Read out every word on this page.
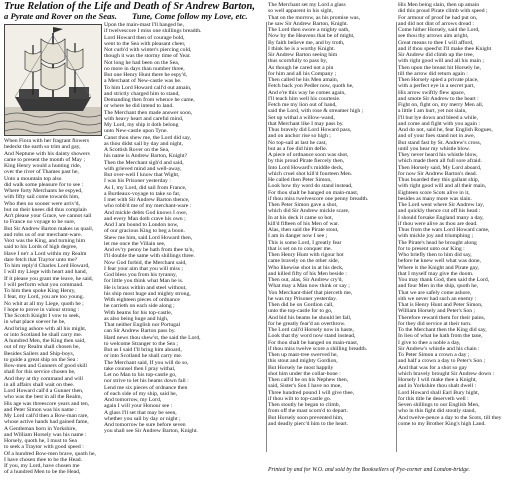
True Relation of the Life and Death of Sr Andrew Barton,
a Pyrate and Rover on the Seas. Tune, Come follow my Love, etc.
When Flora with her fragrant flowers
bedeckt the earth so trim and gay,
And Neptune with his dainty showers
came to present the month of May ;
King Henry would a hunting ride,
over the river of Thames past he,
Unto a mountain top also
did walk some pleasure for to see :
Where forty Merchants he espyed,
with fifty sail come towards him,
Who then no sooner were arriv'd,
but on their knees did thus complain
An't please your Grace, we cannot sail
to France no voyage to be sure,
But Sir Andrew Barton makes us quail,
and robs us of our merchant-ware.
Vext was the King, and turning him
said to his Lords of high degree,
Have I ne'r a Lord within my Realm
dare fetch that Traytor unto me?
To him reply'd Charles Lord Howard,
I will my Liege with heart and hand,
If it please you grant me leave, he said,
I will perform what you command.
To him then spoke King Henry,
I fear, my Lord, you are too young.
No whit at all my Liege, quoth he ;
I hope to prove in valour strong :
The Scotch Knight I vow to seek,
in what place soever he be,
And bring ashore with all his might,
or into Scotland he shall carry me.
A hundred Men, the King then said,
out of my Realm shall chosen be,
Besides Sailers and Ship-boys,
to guide a great ship on the Sea :
Bow-men and Gunners of good skill
shall for this service chosen be,
And they at thy command and will
in all affairs shall wait on thee.
Lord Howard call'd a Gunner then,
who was the best in all the Realm,
His age was threescore years and ten,
and Peter Simon was his name :
My Lord call'd then a Bow-man rare,
whose active hands had gained fame,
A Gentleman born in Yorkshire,
and William Horsely was his name :
Horsely, quoth he, I must to Sea
to seek a Traytor with good speed :
Of a hundred Bow-men brave, quoth he,
I have chosen thee to be the Head.
If you, my Lord, have chosen me
of a hundred Men to be the Head,
Upon the main-mast I'll hanged be,
if twelvescore I miss one shillings breadth.
Lord Howard then of courage bold,
went to the Sea with pleasant cheer,
Not curb'd with winter's piercing cold,
though it was the stormy time of Year.
Not long he had been on the Sea,
no more in days than number three,
But one Henry Hunt there he espy'd,
a Merchant of New-castle was he.
To him Lord Howard call'd out amain,
and strictly charged him to stand,
Demanding then from whence he came,
or where he did intend to land.
The Merchant then made answer soon,
with heavy heart and careful mind,
My Lord, my ship it doth belong
unto New-castle upon Tyne.
Canst thou shew me, the Lord did say,
as thou didst sail by day and night,
A Scottish Rover on the Sea,
his name is Andrew Barton, Knight?
Then the Merchant sigh'd and said,
with grieved mind and well-away,
But over-well I know that Wight,
I was his Prisoner yesterday :
As I, my Lord, did sail from France,
a Burdeaux-voyage to take so far,
I met with Sir Andrew Barton thence,
who robb'd me of my merchant-ware :
And mickle debts God knows I owe,
and every Man doth crave his own ;
And I am bound to London now,
of our gracious King to beg a boon.
Shew me him, said Lord Howard then,
let me once the Villain see,
And ev'ry penny he hath from thee ta'n,
I'll double the same with shillings three.
Now God forbid, the Merchant said,
I fear your aim that you will miss ;
God bless you from his tyranny,
for little you think what Man he is.
He is brass within and steel without,
his ship most huge and mighty strong,
With eighteen pieces of ordnance
he carrieth on each side along ;
With beams for his top-castle,
as also being huge and high,
That neither English nor Portugal
can Sir Andrew Barton pass by.
Hard news thou shew'st, the said the Lord,
to welcome Stranger to the Sea ;
But as I said I'll bring him aboard,
or into Scotland he shall carry me.
The Merchant said, If you will do so,
take counsel then I pray withal,
Let no Man to his top-castle go,
nor strive to let his beams down fall :
Lend me six pieces of ordnance then
of each side of my ship, said he,
And tomorrow, my Lord,
again I will your Honour see :
A glass I'll set that may be seen,
whether you sail by day or night ;
And tomorrow be sure before seven
you shall see Sir Andrew Barton, Knight.
The Merchant set my Lord a glass
so well apparent in his sight,
That on the morrow, as his promise was,
he saw Sir Andrew Barton, Knight.
The Lord then swore a mighty oath,
Now by the Heavens that be of might,
By faith believe me, and by troth,
I think he is a worthy Knight.
Sir Andrew Barton seeing him
thus scornfully to pass by,
As though he cared not a pin
for him and all his Company ;
Then called he his Men amain,
Fetch back yon Pedler now, quoth he,
And e're this way he comes again,
I'll teach him well his courtesie.
Fetch me my lion out of hand,
said the Lord, with rose & streamer high ;
Set up withal a willow-wand,
that Merchant like I may pass by.
Thus bravely did Lord Howard pass,
and on anchor rise so high ;
No top-sail at last he cast,
but as a foe did him defie.
A piece of ordnance soon was shot,
by this proud Pirate fiercely then,
Into Lord Howard's middle deck,
which cruel shot kill'd fourteen Men.
He called then Peter Simon,
Look how thy word do stand instead,
For thou shalt be hanged on main-mast,
if thou miss twelvescore one penny breadth.
Then Peter Simon gave a shot,
which did Sir Andrew mickle scare,
In at his deck it came so hot,
kill'd fifteen of his Men of war.
Alas, then said the Pirate stout,
I am in danger now I see ;
This is some Lord, I greatly fear
that is set on to conquer me.
Then Henry Hunt with rigour hot
came bravely on the other side,
Who likewise shot in at his deck,
and killed fifty of his Men beside :
Then out, alas, Sir Andrew cry'd,
What may a Man now think or say ;
Yon Merchant-thief that pierceth me,
he was my Prisoner yesterday.
Then did he on Gordion call,
unto the top-castle for to go,
And bid his beams he should let fall,
for he greatly fear'd an overthrow.
The Lord call'd Horsely now in haste,
Look that thy word now stand instead,
For thou shalt be hanged on main-mast,
if thou miss twelve score a shilling breadth.
Then up mast-tree swerved he,
this stout and mighty Gordion,
But Horsely he most happily
shot him under the collar-bone :
Then call'd he on his Nephew then,
said, Sister's Son I have no moe,
Three hundred pound I will give thee,
if thou wilt to top-castle go.
Then stoutly he began to climb,
from off the mast scorn'd to depart.
But Horsely soon prevented him,
and deadly pierc'd him to the heart.
His Men being slain, then up amain
did this proud Pirate climb with speed ;
For armour of proof he had put on,
and did not dint of arrows dread :
Come hither Horsely, said the Lord,
see thou thy arrows aim aright,
Great means to thee I will afford,
and if thou speed'st I'll make thee Knight
Sir Andrew did climb up the tree,
with right good will and all his main ;
Then upon the breast hit Horsely he,
till the arrow did return again :
Then Horsely spied a private place,
with a perfect eye in a secret part,
His arrow swiftly flew apace,
and smote Sir Andrew to the heart :
Fight on, fight on, my merry Men all,
a little I am hurt, yet not slain,
I'll but lye down and bleed a while,
and come and fight with you again :
And do not, said he, fear English Rogues,
and of your foes stand not in awe,
But stand fast by St. Andrew's cross,
until you hear my whistle blow.
They never heard his whistle blow,
which made them all full sore afraid.
Then Horsely said, My Lord aboard,
for now Sir Andrew Barton's dead.
Thus boarded they this gallant ship,
with right good will and all their main,
Eighteen score Scots alive in it,
besides as many more was slain.
The Lord went where Sir Andrew lay,
and quickly thence cut off his head :
I should forsake England many a day,
if thou were alive as thou are dead.
Thus from the wars Lord Howard came,
with mickle joy and triumphing ;
The Pirate's head he brought along
for to present unto our King :
Who briefly then to him did say,
before he knew well what was done,
Where is the Knight and Pirate gay,
that I myself may give the doom.
You may thank God, then said the Lord,
and four Men in the ship, quoth he,
That we are safely come ashore,
sith we never had such an enemy :
That is Henry Hunt and Peter Simon,
William Horsely and Peter's Son ;
Therefore reward them for their pains,
for they did service at their turn.
To the Merchant then the King did say,
In lieu of what he hath from the tane,
I give to thee a noble a day,
Sir Andrew's whistle and his chain :
To Peter Simon a crown a day ;
and half a crown a day to Peter's Son ;
And that was for a shot so gay
which bravely brought Sir Andrew down :
Horsely I will make thee a Knight,
and in Yorkshire thou shalt dwell :
Lord Howard shall Earl Bury hight,
for this title he deserveth well :
Seven shillings to our English Men,
who in this fight did stoutly stand,
And twelve-pence a day to the Scots, till they
come to my Brother King's high Land.
Printed by and for W.O. and sold by the Booksellers of Pye-corner and London-bridge.
